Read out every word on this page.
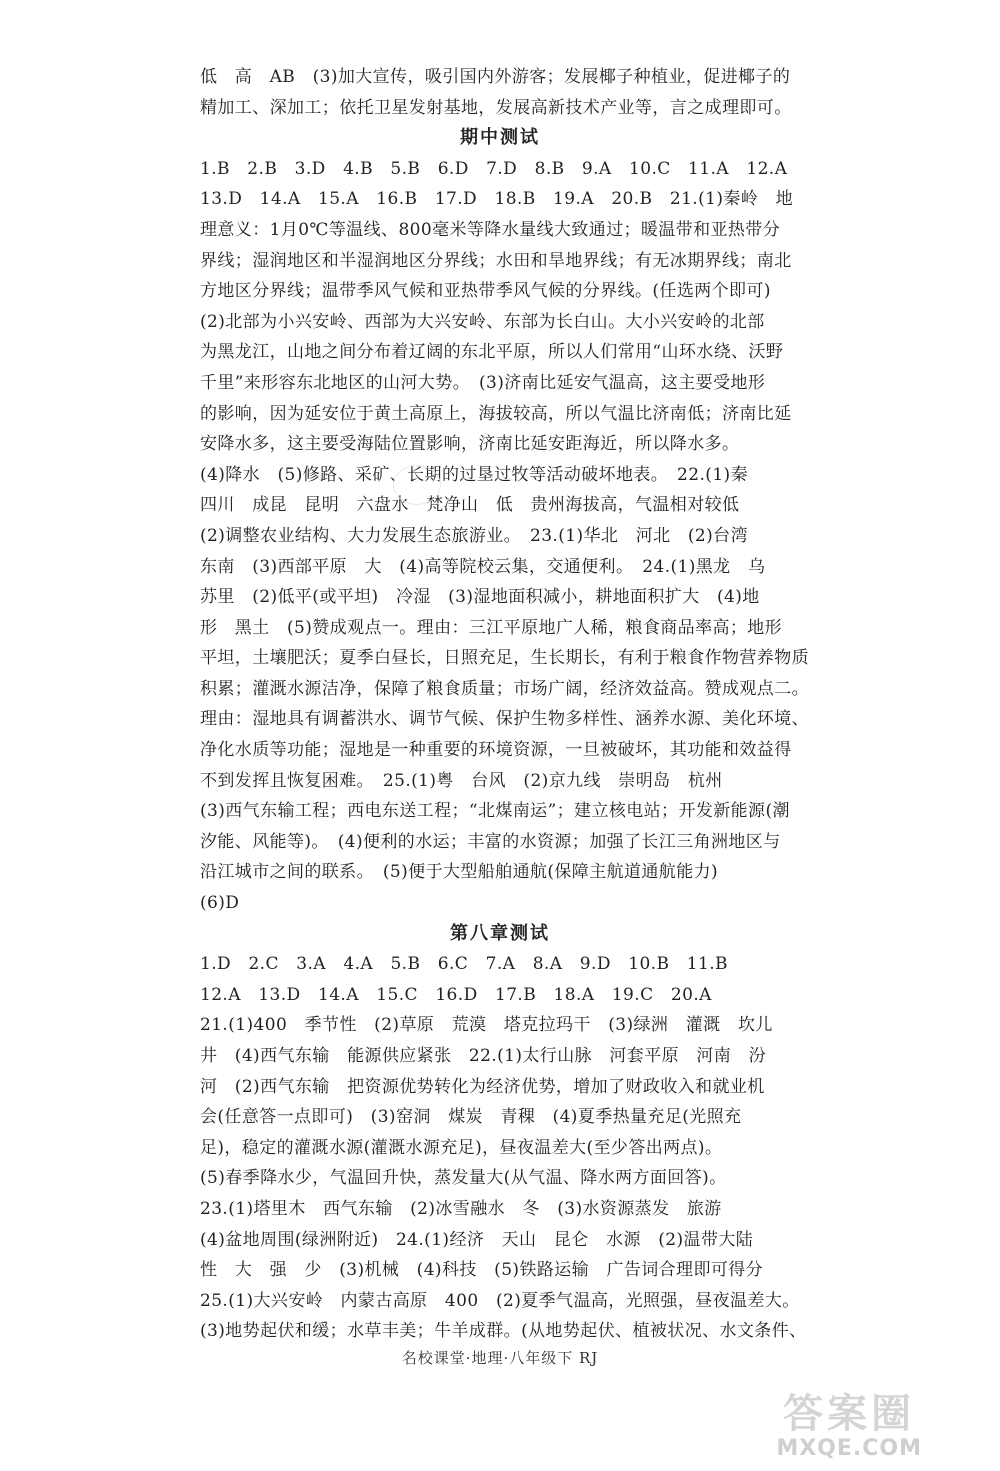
低　高　AB　(3)加大宣传，吸引国内外游客；发展椰子种植业，促进椰子的
精加工、深加工；依托卫星发射基地，发展高新技术产业等，言之成理即可。
期中测试
1.B　2.B　3.D　4.B　5.B　6.D　7.D　8.B　9.A　10.C　11.A　12.A
13.D　14.A　15.A　16.B　17.D　18.B　19.A　20.B　21.(1)秦岭　地
理意义：1月0℃等温线、800毫米等降水量线大致通过；暖温带和亚热带分
界线；湿润地区和半湿润地区分界线；水田和旱地界线；有无冰期界线；南北
方地区分界线；温带季风气候和亚热带季风气候的分界线。(任选两个即可)
(2)北部为小兴安岭、西部为大兴安岭、东部为长白山。大小兴安岭的北部
为黑龙江，山地之间分布着辽阔的东北平原，所以人们常用“山环水绕、沃野
千里”来形容东北地区的山河大势。　(3)济南比延安气温高，这主要受地形
的影响，因为延安位于黄土高原上，海拔较高，所以气温比济南低；济南比延
安降水多，这主要受海陆位置影响，济南比延安距海近，所以降水多。
(4)降水　(5)修路、采矿、长期的过垦过牧等活动破坏地表。　22.(1)秦
四川　成昆　昆明　六盘水　梵净山　低　贵州海拔高，气温相对较低
(2)调整农业结构、大力发展生态旅游业。　23.(1)华北　河北　(2)台湾
东南　(3)西部平原　大　(4)高等院校云集，交通便利。　24.(1)黑龙　乌
苏里　(2)低平(或平坦)　冷湿　(3)湿地面积减小，耕地面积扩大　(4)地
形　黑土　(5)赞成观点一。理由：三江平原地广人稀，粮食商品率高；地形
平坦，土壤肥沃；夏季白昼长，日照充足，生长期长，有利于粮食作物营养物质
积累；灌溉水源洁净，保障了粮食质量；市场广阔，经济效益高。赞成观点二。
理由：湿地具有调蓄洪水、调节气候、保护生物多样性、涵养水源、美化环境、
净化水质等功能；湿地是一种重要的环境资源，一旦被破坏，其功能和效益得
不到发挥且恢复困难。　25.(1)粤　台风　(2)京九线　崇明岛　杭州
(3)西气东输工程；西电东送工程；“北煤南运”；建立核电站；开发新能源(潮
汐能、风能等)。　(4)便利的水运；丰富的水资源；加强了长江三角洲地区与
沿江城市之间的联系。　(5)便于大型船舶通航(保障主航道通航能力)
(6)D
第八章测试
1.D　2.C　3.A　4.A　5.B　6.C　7.A　8.A　9.D　10.B　11.B
12.A　13.D　14.A　15.C　16.D　17.B　18.A　19.C　20.A
21.(1)400　季节性　(2)草原　荒漠　塔克拉玛干　(3)绿洲　灌溉　坎儿
井　(4)西气东输　能源供应紧张　22.(1)太行山脉　河套平原　河南　汾
河　(2)西气东输　把资源优势转化为经济优势，增加了财政收入和就业机
会(任意答一点即可)　(3)窑洞　煤炭　青稞　(4)夏季热量充足(光照充
足)，稳定的灌溉水源(灌溉水源充足)，昼夜温差大(至少答出两点)。
(5)春季降水少，气温回升快，蒸发量大(从气温、降水两方面回答)。
23.(1)塔里木　西气东输　(2)冰雪融水　冬　(3)水资源蒸发　旅游
(4)盆地周围(绿洲附近)　24.(1)经济　天山　昆仑　水源　(2)温带大陆
性　大　强　少　(3)机械　(4)科技　(5)铁路运输　广告词合理即可得分
25.(1)大兴安岭　内蒙古高原　400　(2)夏季气温高，光照强，昼夜温差大。
(3)地势起伏和缓；水草丰美；牛羊成群。(从地势起伏、植被状况、水文条件、
名校课堂·地理·八年级下 RJ
答案圈
MXQE.COM
